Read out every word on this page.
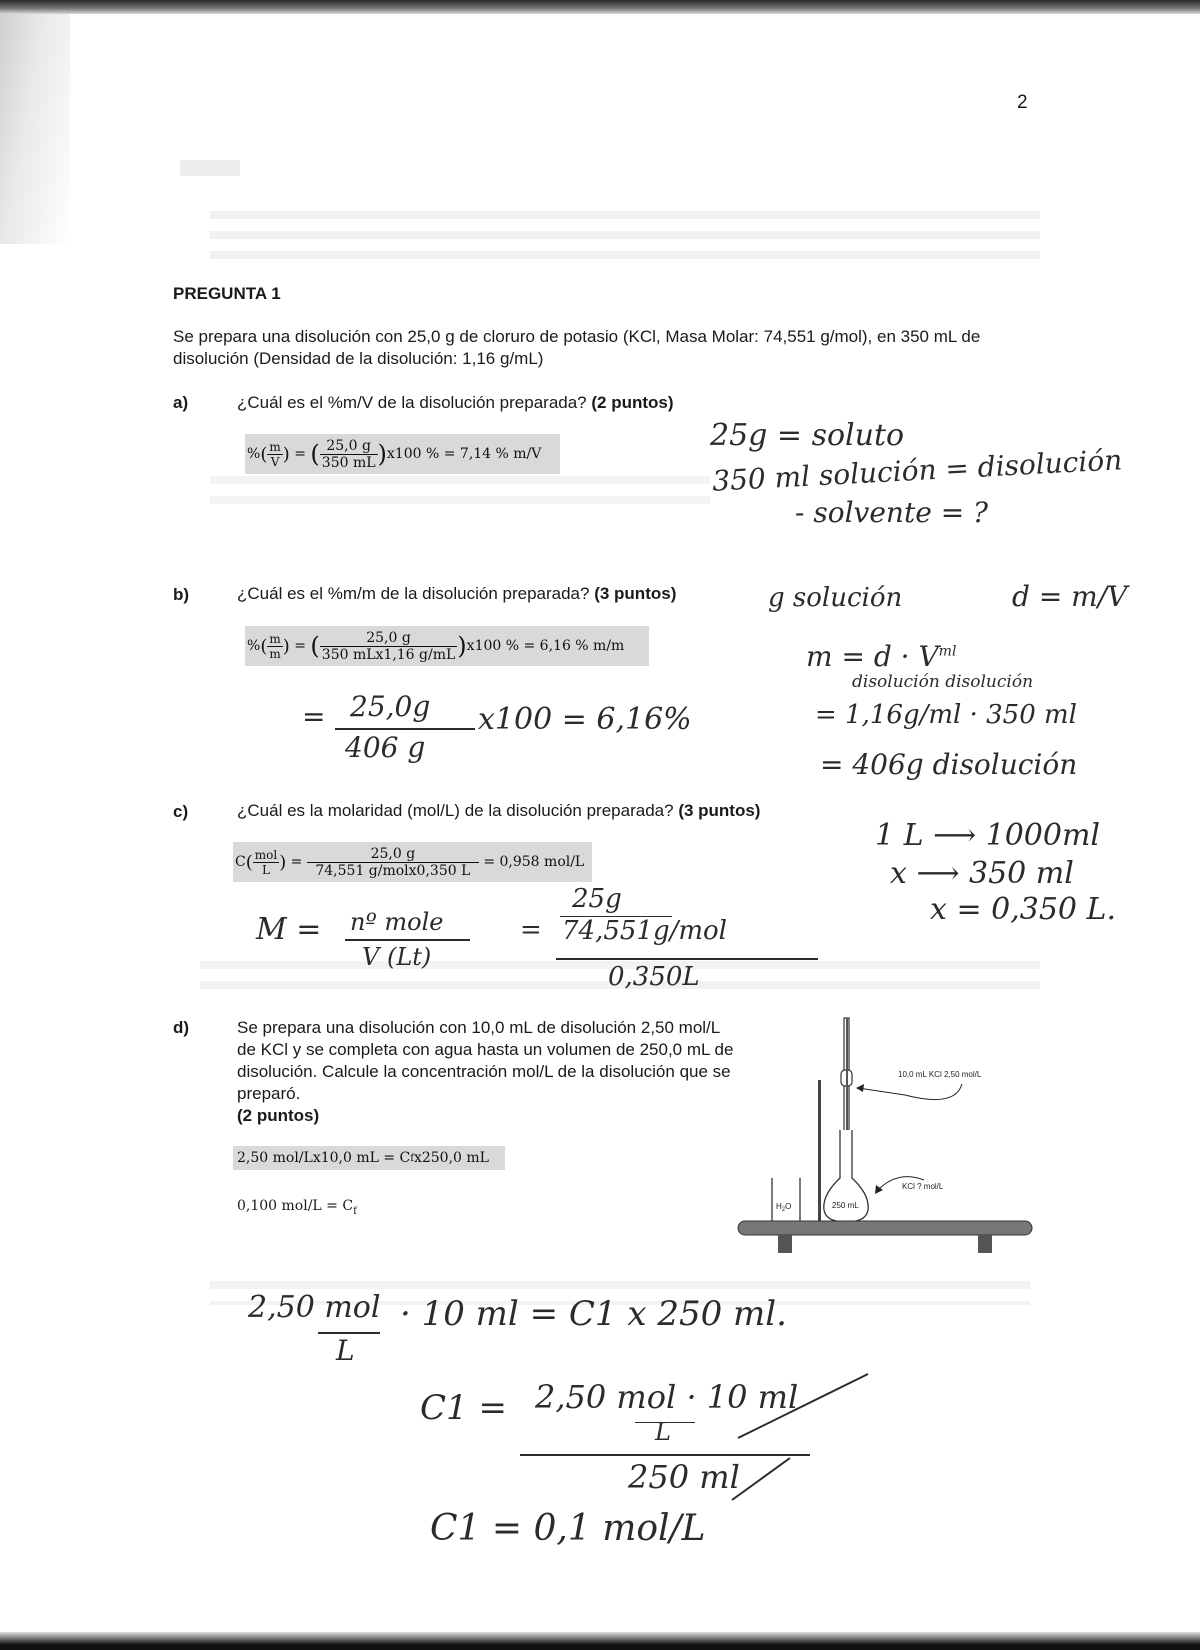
2
PREGUNTA 1
Se prepara una disolución con 25,0 g de cloruro de potasio (KCl, Masa Molar: 74,551 g/mol), en 350 mL de disolución (Densidad de la disolución: 1,16 g/mL)
a)	¿Cuál es el %m/V de la disolución preparada? (2 puntos)
% ( $\frac{m}{V}$ ) = ( $\frac{25,0 g}{350 mL}$ ) x100 % = 7,14 % m/V
b)	¿Cuál es el %m/m de la disolución preparada? (3 puntos)
% ( $\frac{m}{m}$ ) = ( $\frac{25,0 g}{\text{350 mLx1,16 g/mL}}$ ) x100 % = 6,16 % m/m
c)	¿Cuál es la molaridad (mol/L) de la disolución preparada? (3 puntos)
C ( $\frac{\text{mol}}{L}$ ) = $\frac{25,0 g}{\text{74,551 g/molx0,350 L}}$
= 0,958 mol/L
d)	Se prepara una disolución con 10,0 mL de disolución 2,50 mol/L de KCl y se completa con agua hasta un volumen de 250,0 mL de disolución. Calcule la concentración mol/L de la disolución que se preparó.
(2 puntos)
2,50 mol/Lx10,0 mL = C f x250,0 mL
0,100 $mol/L = C_f$
250 mL
$H_2O$
10,0 mL KCl 2,50 mol/L
KCl ? mol/L
25g = soluto
350 ml solución = disolución
- solvente = ?
g solución	d = m/V
$m = d \cdot V^{ml}$
disolución disolución
= 1,16g/ml · 350 ml
= 406g disolución
= 25,0g
406 g
x100 = 6,16%
1 L ⟶ 1000ml
x ⟶ 350 ml
x = 0,350 L.
M = nº mole
V (Lt)
=
25g
74,551g/mol
0,350L
2,50 mol
L
· 10 ml = C1 x 250 ml.
C1 = 2,50 mol · 10 ml
L
250 ml
C1 = 0,1 mol/L
